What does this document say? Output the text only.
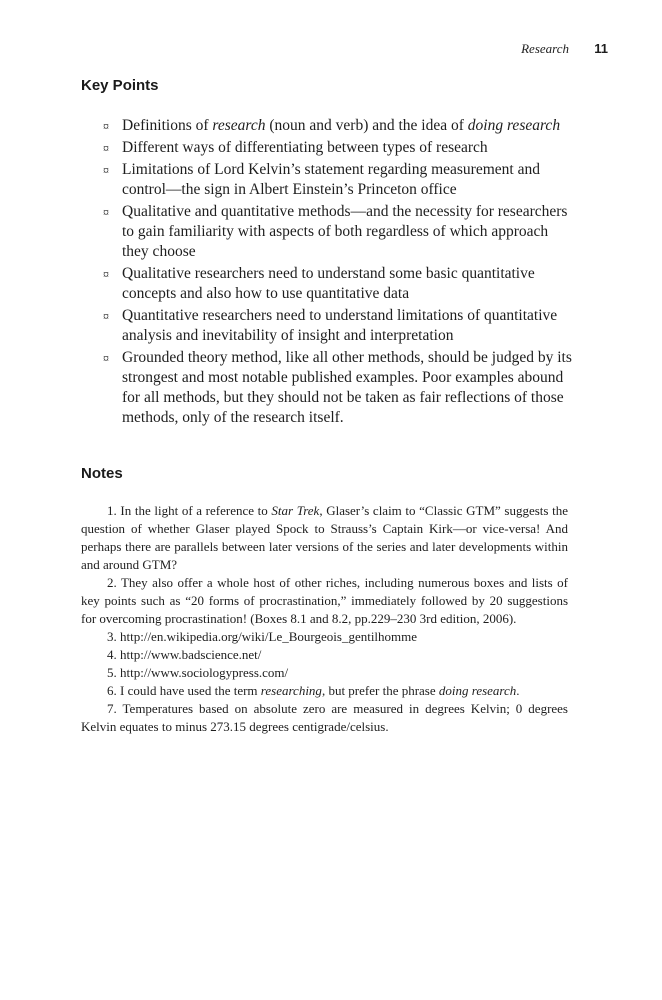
Research 11
Key Points
¤ Definitions of research (noun and verb) and the idea of doing research
¤ Different ways of differentiating between types of research
¤ Limitations of Lord Kelvin’s statement regarding measurement and control—the sign in Albert Einstein’s Princeton office
¤ Qualitative and quantitative methods—and the necessity for researchers to gain familiarity with aspects of both regardless of which approach they choose
¤ Qualitative researchers need to understand some basic quantitative concepts and also how to use quantitative data
¤ Quantitative researchers need to understand limitations of quantitative analysis and inevitability of insight and interpretation
¤ Grounded theory method, like all other methods, should be judged by its strongest and most notable published examples. Poor examples abound for all methods, but they should not be taken as fair reflections of those methods, only of the research itself.
Notes

1. In the light of a reference to Star Trek, Glaser’s claim to “Classic GTM” suggests the question of whether Glaser played Spock to Strauss’s Captain Kirk—or vice-versa! And perhaps there are parallels between later versions of the series and later developments within and around GTM?

2. They also offer a whole host of other riches, including numerous boxes and lists of key points such as “20 forms of procrastination,” immediately followed by 20 suggestions for overcoming procrastination! (Boxes 8.1 and 8.2, pp.229–230 3rd edition, 2006).

3. http://en.wikipedia.org/wiki/Le_Bourgeois_gentilhomme

4. http://www.badscience.net/

5. http://www.sociologypress.com/

6. I could have used the term researching, but prefer the phrase doing research.

7. Temperatures based on absolute zero are measured in degrees Kelvin; 0 degrees Kelvin equates to minus 273.15 degrees centigrade/celsius.
